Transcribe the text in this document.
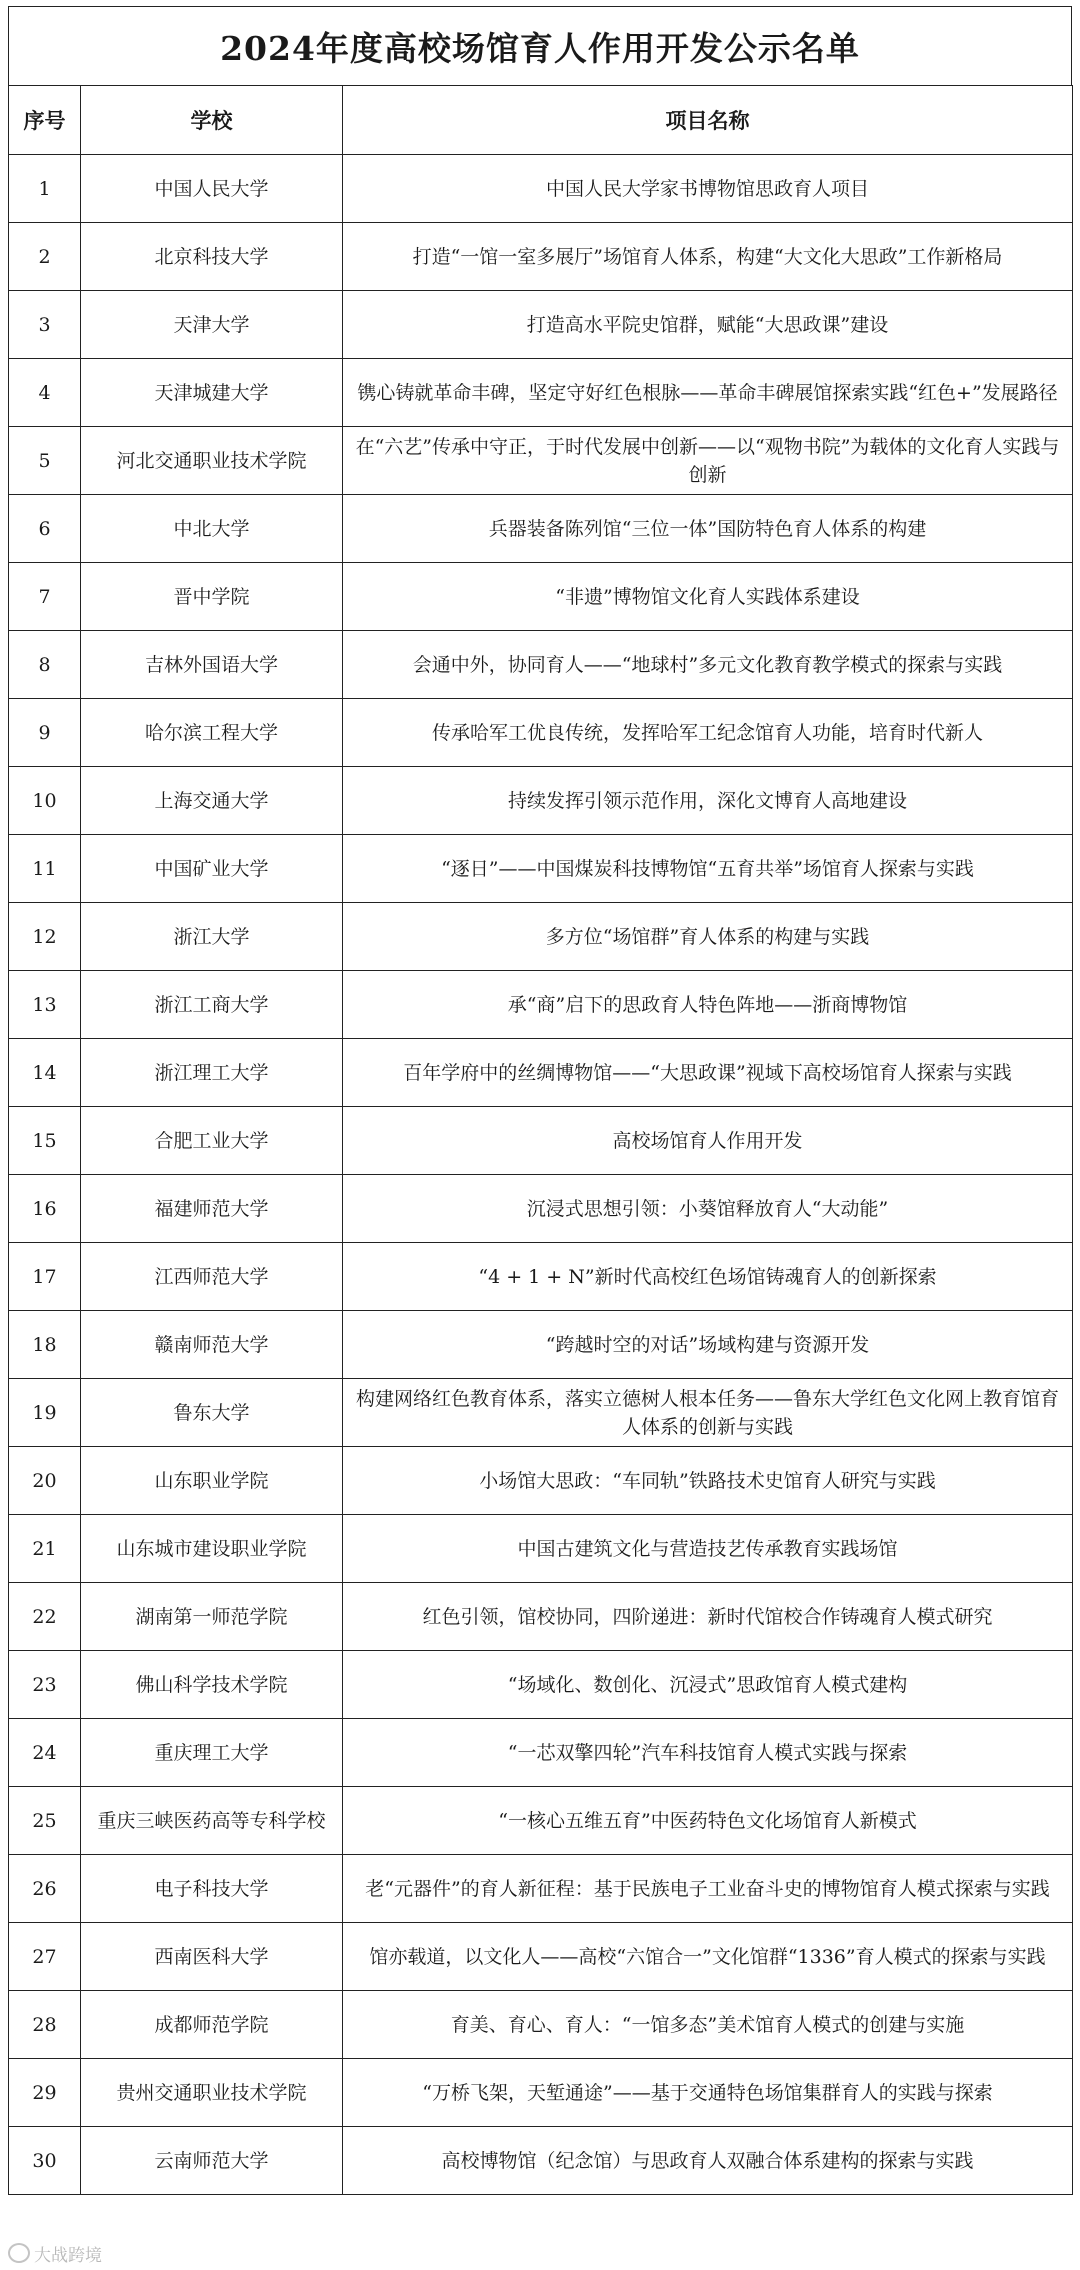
2024年度高校场馆育人作用开发公示名单
序号	学校	项目名称
1	中国人民大学	中国人民大学家书博物馆思政育人项目
2	北京科技大学	打造“一馆一室多展厅”场馆育人体系，构建“大文化大思政”工作新格局
3	天津大学	打造高水平院史馆群，赋能“大思政课”建设
4	天津城建大学	镌心铸就革命丰碑，坚定守好红色根脉——革命丰碑展馆探索实践“红色+”发展路径
5	河北交通职业技术学院	在“六艺”传承中守正，于时代发展中创新——以“观物书院”为载体的文化育人实践与创新
6	中北大学	兵器装备陈列馆“三位一体”国防特色育人体系的构建
7	晋中学院	“非遗”博物馆文化育人实践体系建设
8	吉林外国语大学	会通中外，协同育人——“地球村”多元文化教育教学模式的探索与实践
9	哈尔滨工程大学	传承哈军工优良传统，发挥哈军工纪念馆育人功能，培育时代新人
10	上海交通大学	持续发挥引领示范作用，深化文博育人高地建设
11	中国矿业大学	“逐日”——中国煤炭科技博物馆“五育共举”场馆育人探索与实践
12	浙江大学	多方位“场馆群”育人体系的构建与实践
13	浙江工商大学	承“商”启下的思政育人特色阵地——浙商博物馆
14	浙江理工大学	百年学府中的丝绸博物馆——“大思政课”视域下高校场馆育人探索与实践
15	合肥工业大学	高校场馆育人作用开发
16	福建师范大学	沉浸式思想引领：小葵馆释放育人“大动能”
17	江西师范大学	“4 + 1 + N”新时代高校红色场馆铸魂育人的创新探索
18	赣南师范大学	“跨越时空的对话”场域构建与资源开发
19	鲁东大学	构建网络红色教育体系，落实立德树人根本任务——鲁东大学红色文化网上教育馆育人体系的创新与实践
20	山东职业学院	小场馆大思政：“车同轨”铁路技术史馆育人研究与实践
21	山东城市建设职业学院	中国古建筑文化与营造技艺传承教育实践场馆
22	湖南第一师范学院	红色引领，馆校协同，四阶递进：新时代馆校合作铸魂育人模式研究
23	佛山科学技术学院	“场域化、数创化、沉浸式”思政馆育人模式建构
24	重庆理工大学	“一芯双擎四轮”汽车科技馆育人模式实践与探索
25	重庆三峡医药高等专科学校	“一核心五维五育”中医药特色文化场馆育人新模式
26	电子科技大学	老“元器件”的育人新征程：基于民族电子工业奋斗史的博物馆育人模式探索与实践
27	西南医科大学	馆亦载道，以文化人——高校“六馆合一”文化馆群“1336”育人模式的探索与实践
28	成都师范学院	育美、育心、育人：“一馆多态”美术馆育人模式的创建与实施
29	贵州交通职业技术学院	“万桥飞架，天堑通途”——基于交通特色场馆集群育人的实践与探索
30	云南师范大学	高校博物馆（纪念馆）与思政育人双融合体系建构的探索与实践
大战跨境
